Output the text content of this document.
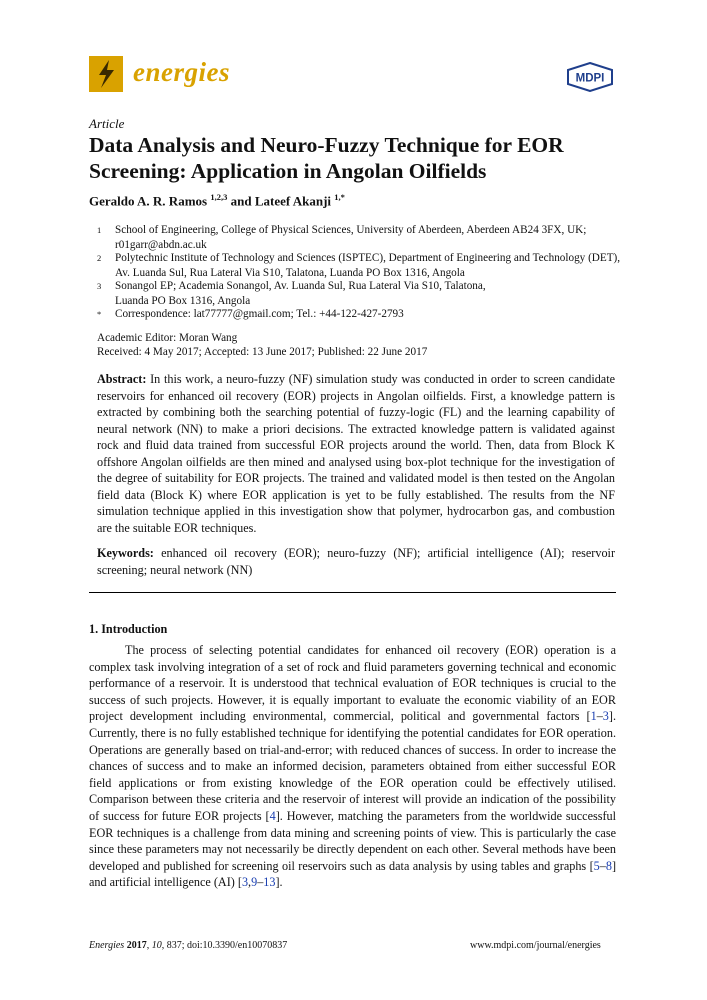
energies	MDPI
Article
Data Analysis and Neuro-Fuzzy Technique for EOR Screening: Application in Angolan Oilfields
Geraldo A. R. Ramos $^{1,2,3}$ and Lateef Akanji $^{1,*}$
1 School of Engineering, College of Physical Sciences, University of Aberdeen, Aberdeen AB24 3FX, UK; r01garr@abdn.ac.uk
2 Polytechnic Institute of Technology and Sciences (ISPTEC), Department of Engineering and Technology (DET), Av. Luanda Sul, Rua Lateral Via S10, Talatona, Luanda PO Box 1316, Angola
3 Sonangol EP; Academia Sonangol, Av. Luanda Sul, Rua Lateral Via S10, Talatona, Luanda PO Box 1316, Angola
* Correspondence: lat77777@gmail.com; Tel.: +44-122-427-2793
Academic Editor: Moran Wang
Received: 4 May 2017; Accepted: 13 June 2017; Published: 22 June 2017
Abstract: In this work, a neuro-fuzzy (NF) simulation study was conducted in order to screen candidate reservoirs for enhanced oil recovery (EOR) projects in Angolan oilfields. First, a knowledge pattern is extracted by combining both the searching potential of fuzzy-logic (FL) and the learning capability of neural network (NN) to make a priori decisions. The extracted knowledge pattern is validated against rock and fluid data trained from successful EOR projects around the world. Then, data from Block K offshore Angolan oilfields are then mined and analysed using box-plot technique for the investigation of the degree of suitability for EOR projects. The trained and validated model is then tested on the Angolan field data (Block K) where EOR application is yet to be fully established. The results from the NF simulation technique applied in this investigation show that polymer, hydrocarbon gas, and combustion are the suitable EOR techniques.
Keywords: enhanced oil recovery (EOR); neuro-fuzzy (NF); artificial intelligence (AI); reservoir screening; neural network (NN)
1. Introduction
The process of selecting potential candidates for enhanced oil recovery (EOR) operation is a complex task involving integration of a set of rock and fluid parameters governing technical and economic performance of a reservoir. It is understood that technical evaluation of EOR techniques is crucial to the success of such projects. However, it is equally important to evaluate the economic viability of an EOR project development including environmental, commercial, political and governmental factors [1–3]. Currently, there is no fully established technique for identifying the potential candidates for EOR operation. Operations are generally based on trial-and-error; with reduced chances of success. In order to increase the chances of success and to make an informed decision, parameters obtained from either successful EOR field applications or from existing knowledge of the EOR operation could be effectively utilised. Comparison between these criteria and the reservoir of interest will provide an indication of the possibility of success for future EOR projects [4]. However, matching the parameters from the worldwide successful EOR techniques is a challenge from data mining and screening points of view. This is particularly the case since these parameters may not necessarily be directly dependent on each other. Several methods have been developed and published for screening oil reservoirs such as data analysis by using tables and graphs [5–8] and artificial intelligence (AI) [3,9–13].
Energies 2017, 10, 837; doi:10.3390/en10070837	www.mdpi.com/journal/energies
